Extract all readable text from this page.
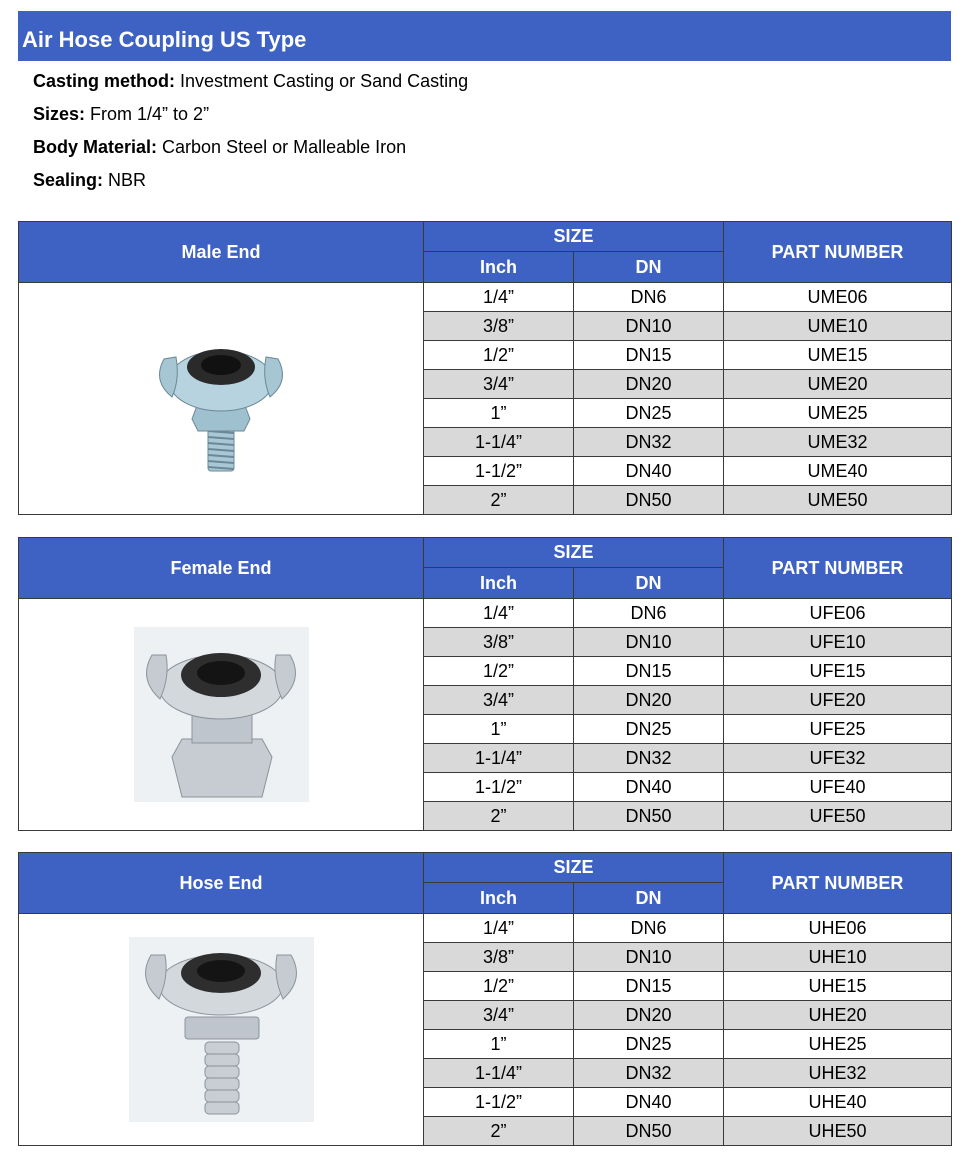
Air Hose Coupling US Type
Casting method: Investment Casting or Sand Casting
Sizes: From 1/4” to 2”
Body Material: Carbon Steel or Malleable Iron
Sealing: NBR
Male End	SIZE		PART NUMBER
	Inch	DN	

	1/4”	DN6	UME06
	3/8”	DN10	UME10
	1/2”	DN15	UME15
	3/4”	DN20	UME20
	1”	DN25	UME25
	1-1/4”	DN32	UME32
	1-1/2”	DN40	UME40
	2”	DN50	UME50
Female End	SIZE		PART NUMBER
	Inch	DN	

	1/4”	DN6	UFE06
	3/8”	DN10	UFE10
	1/2”	DN15	UFE15
	3/4”	DN20	UFE20
	1”	DN25	UFE25
	1-1/4”	DN32	UFE32
	1-1/2”	DN40	UFE40
	2”	DN50	UFE50
Hose End	SIZE		PART NUMBER
	Inch	DN	

	1/4”	DN6	UHE06
	3/8”	DN10	UHE10
	1/2”	DN15	UHE15
	3/4”	DN20	UHE20
	1”	DN25	UHE25
	1-1/4”	DN32	UHE32
	1-1/2”	DN40	UHE40
	2”	DN50	UHE50
